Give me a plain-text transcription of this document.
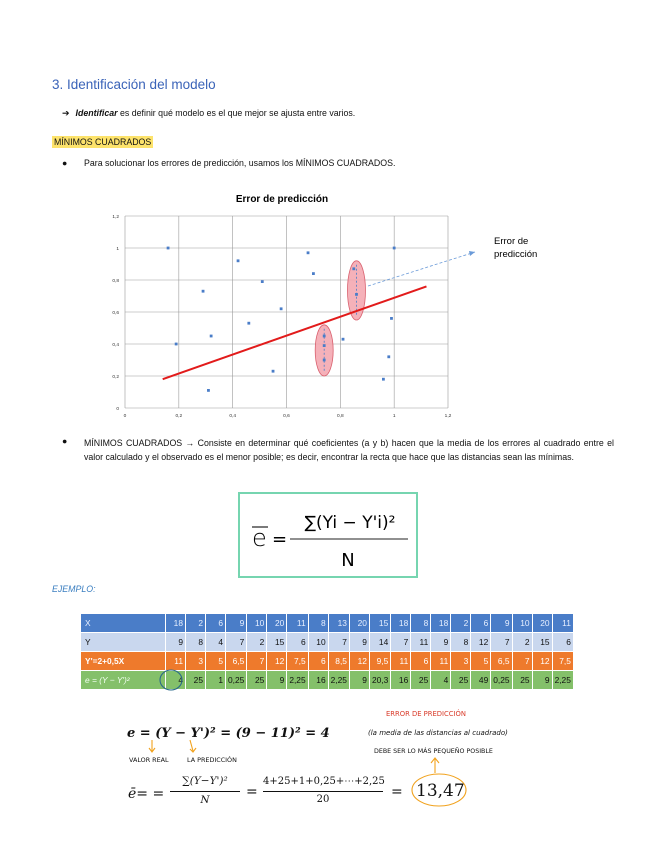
3. Identificación del modelo
➔ Identificar es definir qué modelo es el que mejor se ajusta entre varios.
MÍNIMOS CUADRADOS
● Para solucionar los errores de predicción, usamos los MÍNIMOS CUADRADOS.
Error de predicción
0	0,2	0,4	0,6	0,8	1	1,2
0
0,2
0,4
0,6
0,8
1
1,2
Error de predicción
● MÍNIMOS CUADRADOS → Consiste en determinar qué coeficientes (a y b) hacen que la media de los errores al cuadrado entre el valor calculado y el observado es el menor posible; es decir, encontrar la recta que hace que las distancias sean las mínimas.
e =
∑(Yi − Y'i)²
N
EJEMPLO:
X	18	2	6	9	10	20	11	8	13	20	15	18	8	18	2	6	9	10	20	11
Y	9	8	4	7	2	15	6	10	7	9	14	7	11	9	8	12	7	2	15	6
Y'=2+0,5X	11	3	5	6,5	7	12	7,5	6	8,5	12	9,5	11	6	11	3	5	6,5	7	12	7,5
e = (Y − Y')²	4	25	1	0,25	25	9	2,25	16	2,25	9	20,3	16	25	4	25	49	0,25	25	9	2,25
e = (Y − Y')² = (9 − 11)² = 4
VALOR REAL	LA PREDICCIÓN
ERROR DE PREDICCIÓN
(la media de las distancias al cuadrado)
DEBE SER LO MÁS PEQUEÑO POSIBLE
ē= =
∑(Y−Y')²
N	=
4+25+1+0,25+⋯+2,25
20	= 13,47
